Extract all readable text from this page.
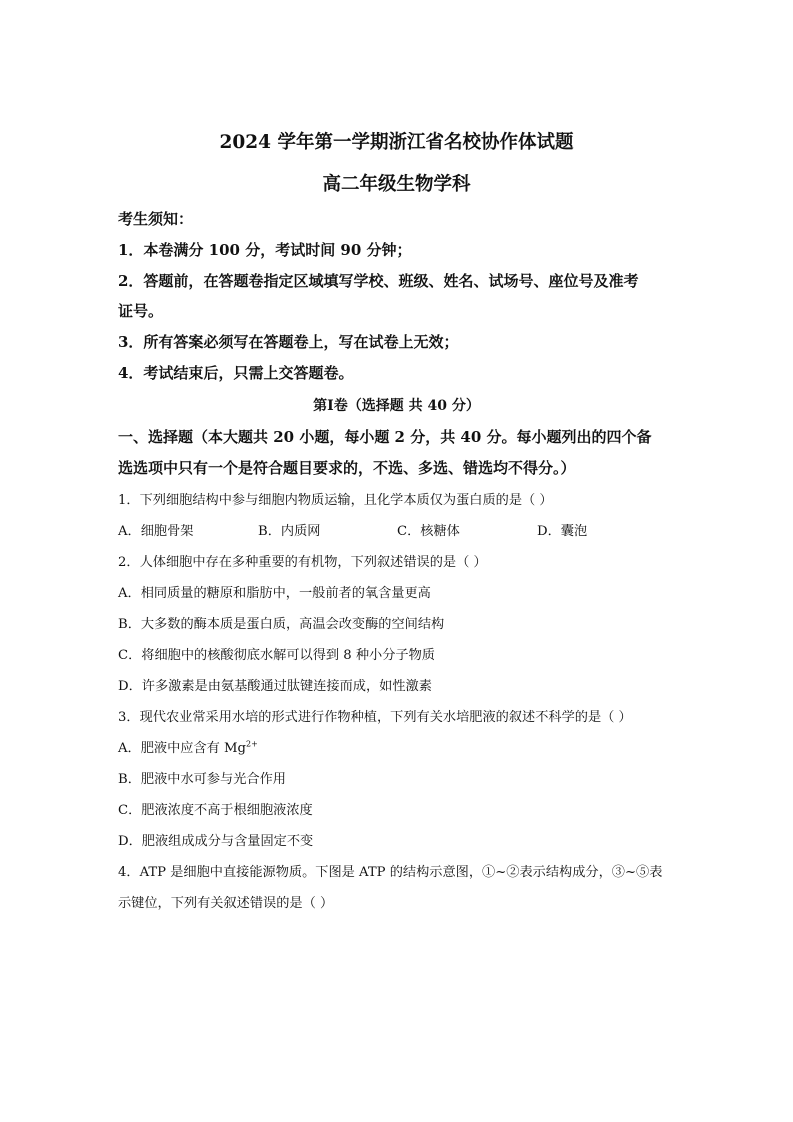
2024 学年第一学期浙江省名校协作体试题
高二年级生物学科
考生须知：
1．本卷满分 100 分，考试时间 90 分钟；
2．答题前，在答题卷指定区域填写学校、班级、姓名、试场号、座位号及准考
证号。
3．所有答案必须写在答题卷上，写在试卷上无效；
4．考试结束后，只需上交答题卷。
第Ⅰ卷（选择题 共 40 分）
一、选择题（本大题共 20 小题，每小题 2 分，共 40 分。每小题列出的四个备
选选项中只有一个是符合题目要求的，不选、多选、错选均不得分。）
1．下列细胞结构中参与细胞内物质运输，且化学本质仅为蛋白质的是（ ）
A．细胞骨架	B．内质网	C．核糖体	D．囊泡
2．人体细胞中存在多种重要的有机物，下列叙述错误的是（ ）
A．相同质量的糖原和脂肪中，一般前者的氧含量更高
B．大多数的酶本质是蛋白质，高温会改变酶的空间结构
C．将细胞中的核酸彻底水解可以得到 8 种小分子物质
D．许多激素是由氨基酸通过肽键连接而成，如性激素
3．现代农业常采用水培的形式进行作物种植，下列有关水培肥液的叙述不科学的是（ ）
A．肥液中应含有 $Mg^{2+}$
B．肥液中水可参与光合作用
C．肥液浓度不高于根细胞液浓度
D．肥液组成成分与含量固定不变
4．ATP 是细胞中直接能源物质。下图是 ATP 的结构示意图，①~②表示结构成分，③~⑤表
示键位，下列有关叙述错误的是（ ）
